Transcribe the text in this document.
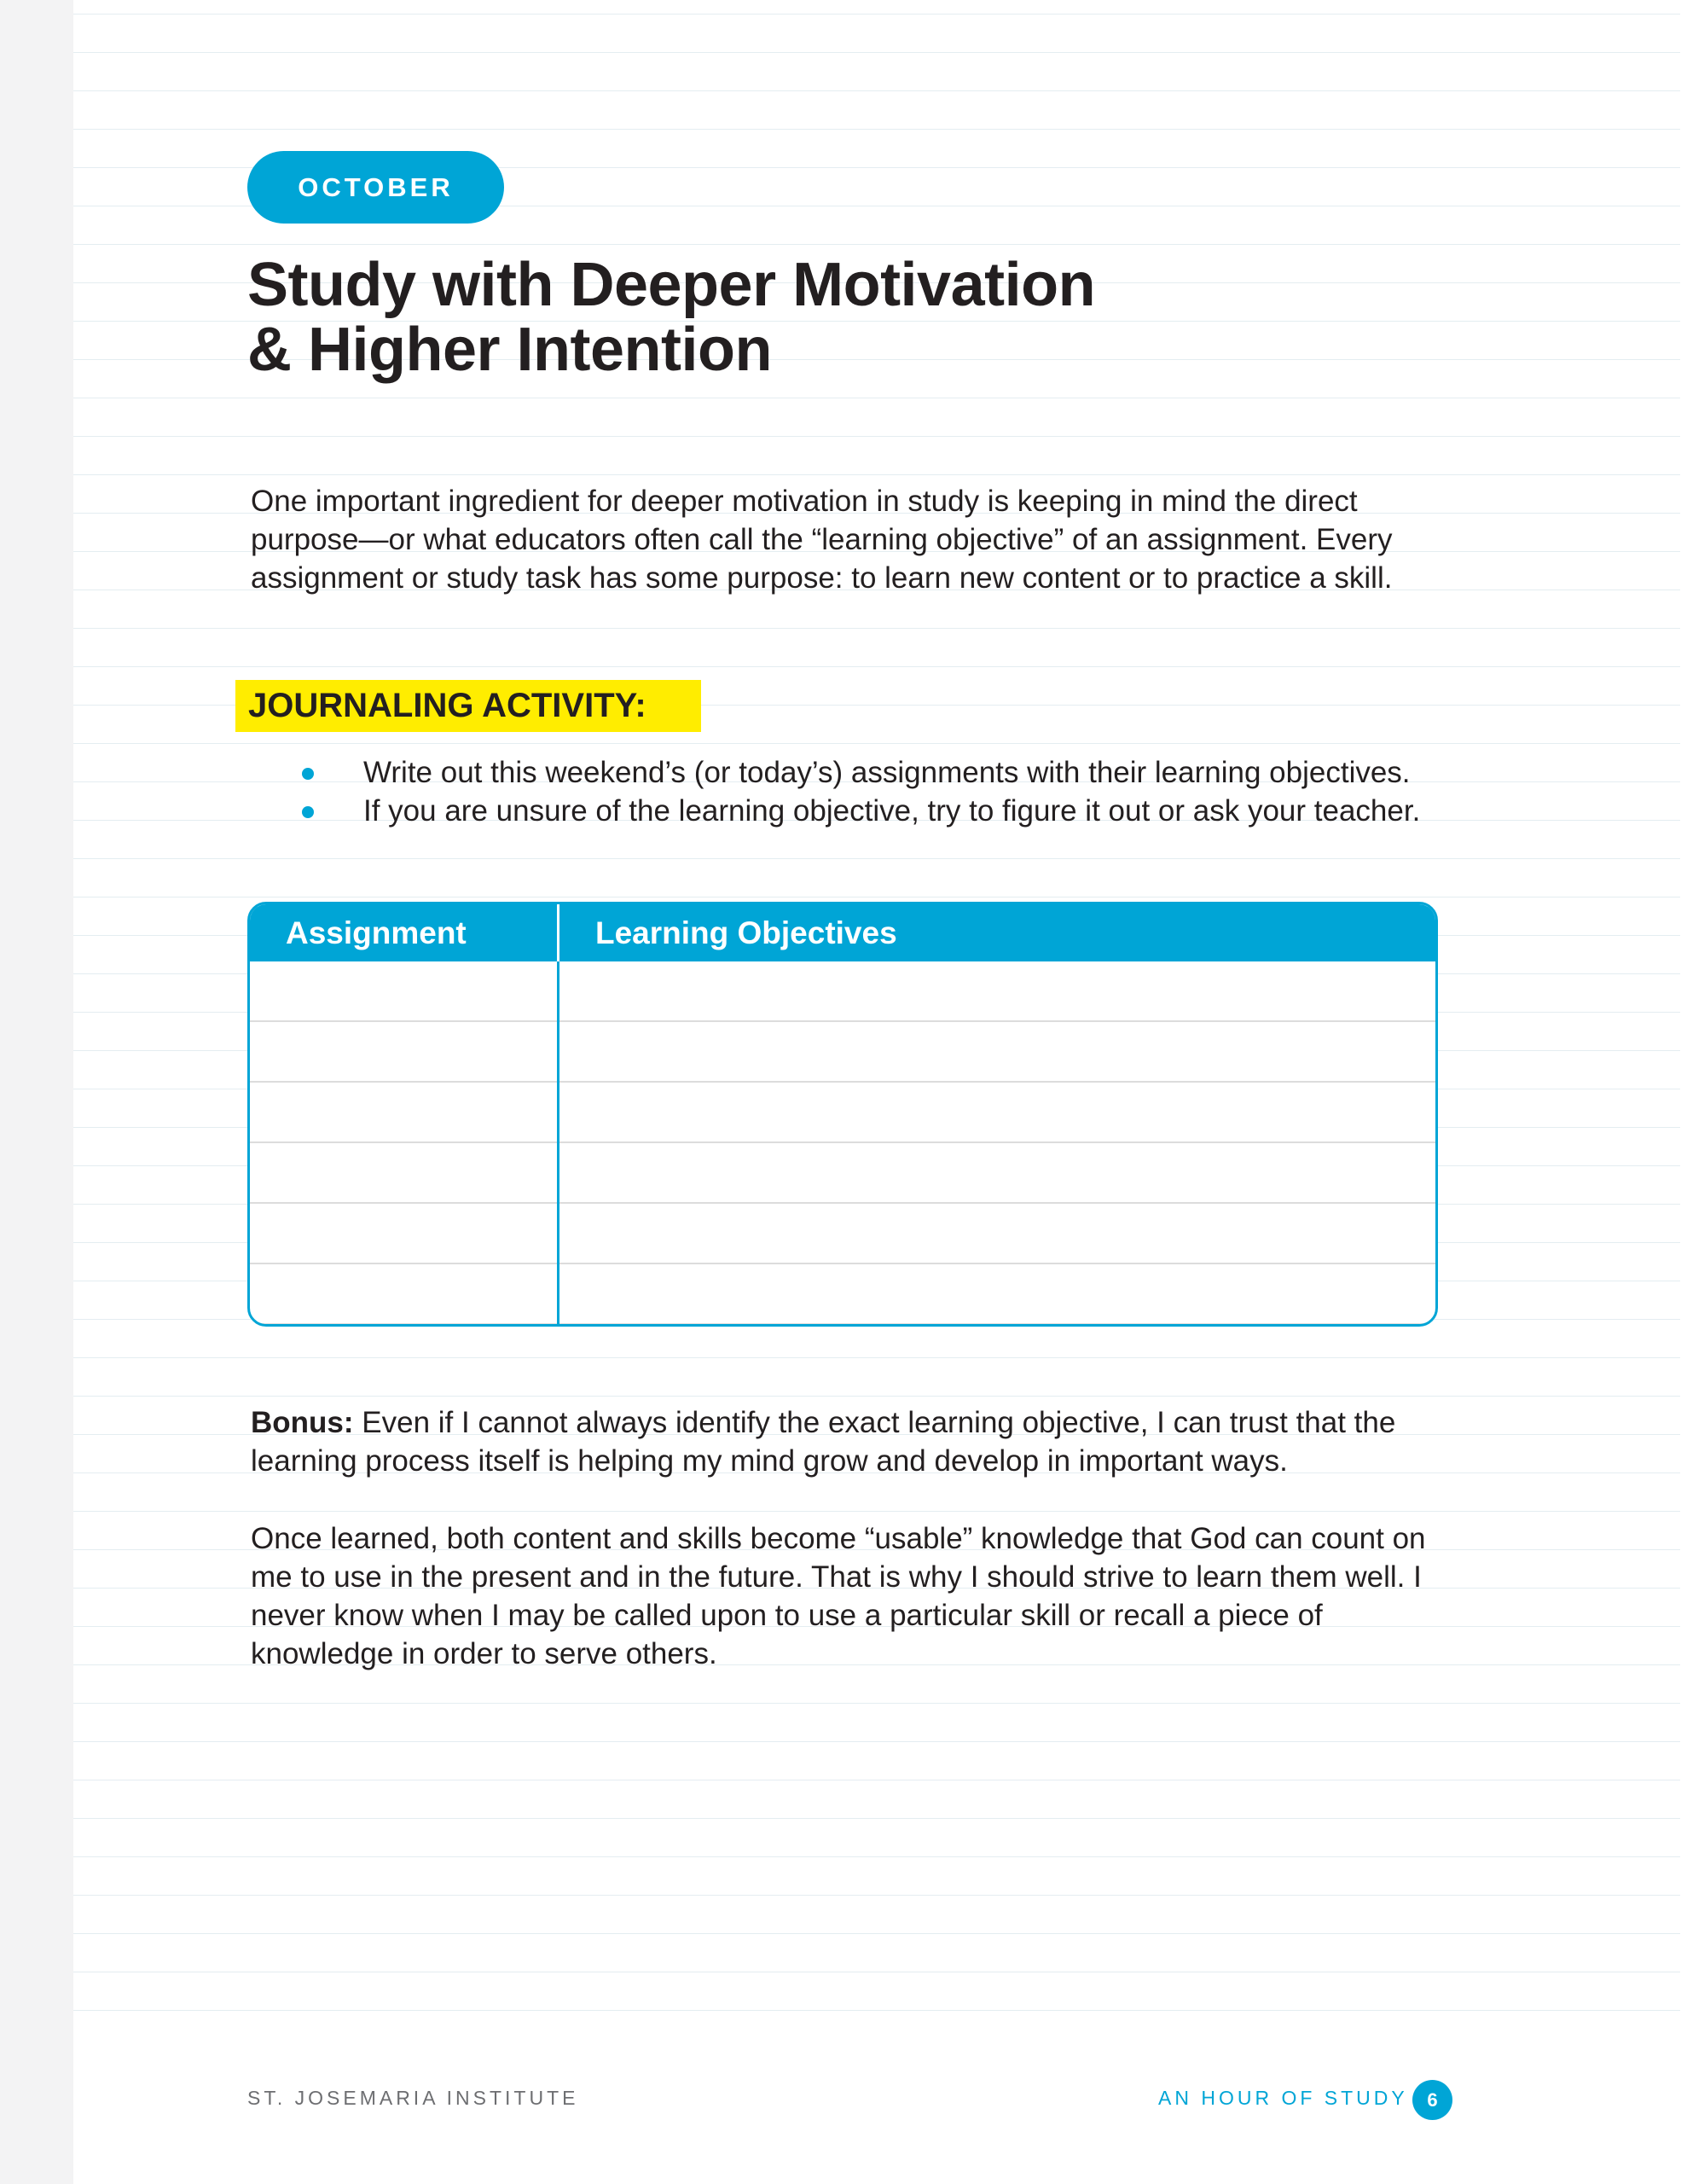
OCTOBER
Study with Deeper Motivation
& Higher Intention
One important ingredient for deeper motivation in study is keeping in mind the direct purpose—or what educators often call the “learning objective” of an assignment. Every assignment or study task has some purpose: to learn new content or to practice a skill.
JOURNALING ACTIVITY:
Write out this weekend’s (or today’s) assignments with their learning objectives.
If you are unsure of the learning objective, try to figure it out or ask your teacher.
Assignment	Learning Objectives
Bonus: Even if I cannot always identify the exact learning objective, I can trust that the learning process itself is helping my mind grow and develop in important ways.
Once learned, both content and skills become “usable” knowledge that God can count on me to use in the present and in the future. That is why I should strive to learn them well. I never know when I may be called upon to use a particular skill or recall a piece of knowledge in order to serve others.
ST. JOSEMARIA INSTITUTE	AN HOUR OF STUDY	6
